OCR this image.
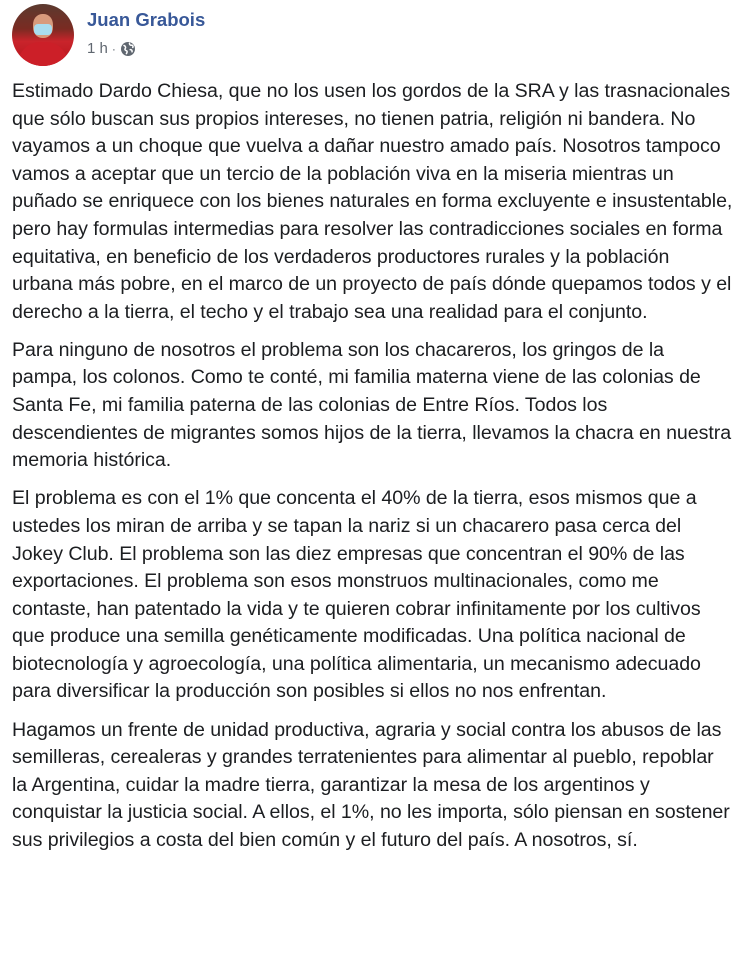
Juan Grabois
1 h ·

Estimado Dardo Chiesa, que no los usen los gordos de la SRA y las trasnacionales que sólo buscan sus propios intereses, no tienen patria, religión ni bandera. No vayamos a un choque que vuelva a dañar nuestro amado país. Nosotros tampoco vamos a aceptar que un tercio de la población viva en la miseria mientras un puñado se enriquece con los bienes naturales en forma excluyente e insustentable, pero hay formulas intermedias para resolver las contradicciones sociales en forma equitativa, en beneficio de los verdaderos productores rurales y la población urbana más pobre, en el marco de un proyecto de país dónde quepamos todos y el derecho a la tierra, el techo y el trabajo sea una realidad para el conjunto.

Para ninguno de nosotros el problema son los chacareros, los gringos de la pampa, los colonos. Como te conté, mi familia materna viene de las colonias de Santa Fe, mi familia paterna de las colonias de Entre Ríos. Todos los descendientes de migrantes somos hijos de la tierra, llevamos la chacra en nuestra memoria histórica.

El problema es con el 1% que concenta el 40% de la tierra, esos mismos que a ustedes los miran de arriba y se tapan la nariz si un chacarero pasa cerca del Jokey Club. El problema son las diez empresas que concentran el 90% de las exportaciones. El problema son esos monstruos multinacionales, como me contaste, han patentado la vida y te quieren cobrar infinitamente por los cultivos que produce una semilla genéticamente modificadas. Una política nacional de biotecnología y agroecología, una política alimentaria, un mecanismo adecuado para diversificar la producción son posibles si ellos no nos enfrentan.

Hagamos un frente de unidad productiva, agraria y social contra los abusos de las semilleras, cerealeras y grandes terratenientes para alimentar al pueblo, repoblar la Argentina, cuidar la madre tierra, garantizar la mesa de los argentinos y conquistar la justicia social. A ellos, el 1%, no les importa, sólo piensan en sostener sus privilegios a costa del bien común y el futuro del país. A nosotros, sí.
